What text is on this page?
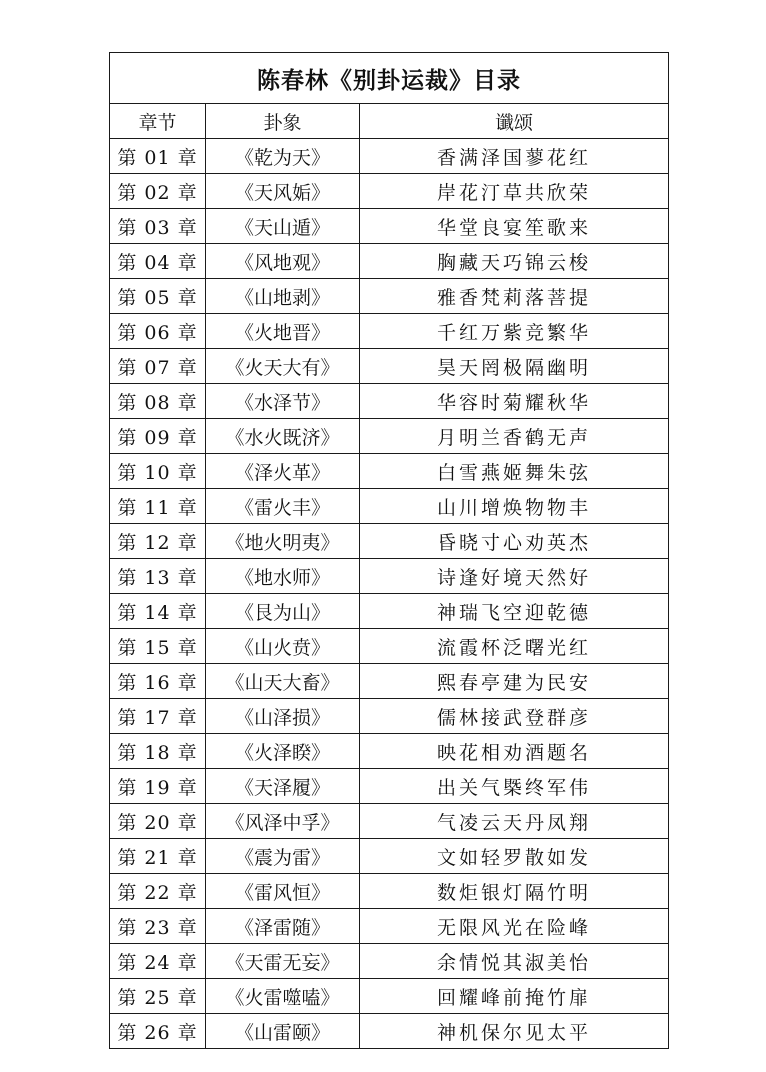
陈春林《别卦运裁》目录		
章节	卦象	谶颂
第 01 章	《乾为天》	香满泽国蓼花红
第 02 章	《天风姤》	岸花汀草共欣荣
第 03 章	《天山遁》	华堂良宴笙歌来
第 04 章	《风地观》	胸藏天巧锦云梭
第 05 章	《山地剥》	雅香梵莉落菩提
第 06 章	《火地晋》	千红万紫竞繁华
第 07 章	《火天大有》	昊天罔极隔幽明
第 08 章	《水泽节》	华容时菊耀秋华
第 09 章	《水火既济》	月明兰香鹤无声
第 10 章	《泽火革》	白雪燕姬舞朱弦
第 11 章	《雷火丰》	山川增焕物物丰
第 12 章	《地火明夷》	昏晓寸心劝英杰
第 13 章	《地水师》	诗逢好境天然好
第 14 章	《艮为山》	神瑞飞空迎乾德
第 15 章	《山火贲》	流霞杯泛曙光红
第 16 章	《山天大畜》	熙春亭建为民安
第 17 章	《山泽损》	儒林接武登群彦
第 18 章	《火泽睽》	映花相劝酒题名
第 19 章	《天泽履》	出关气槩终军伟
第 20 章	《风泽中孚》	气凌云天丹凤翔
第 21 章	《震为雷》	文如轻罗散如发
第 22 章	《雷风恒》	数炬银灯隔竹明
第 23 章	《泽雷随》	无限风光在险峰
第 24 章	《天雷无妄》	余情悦其淑美怡
第 25 章	《火雷噬嗑》	回耀峰前掩竹扉
第 26 章	《山雷颐》	神机保尔见太平
